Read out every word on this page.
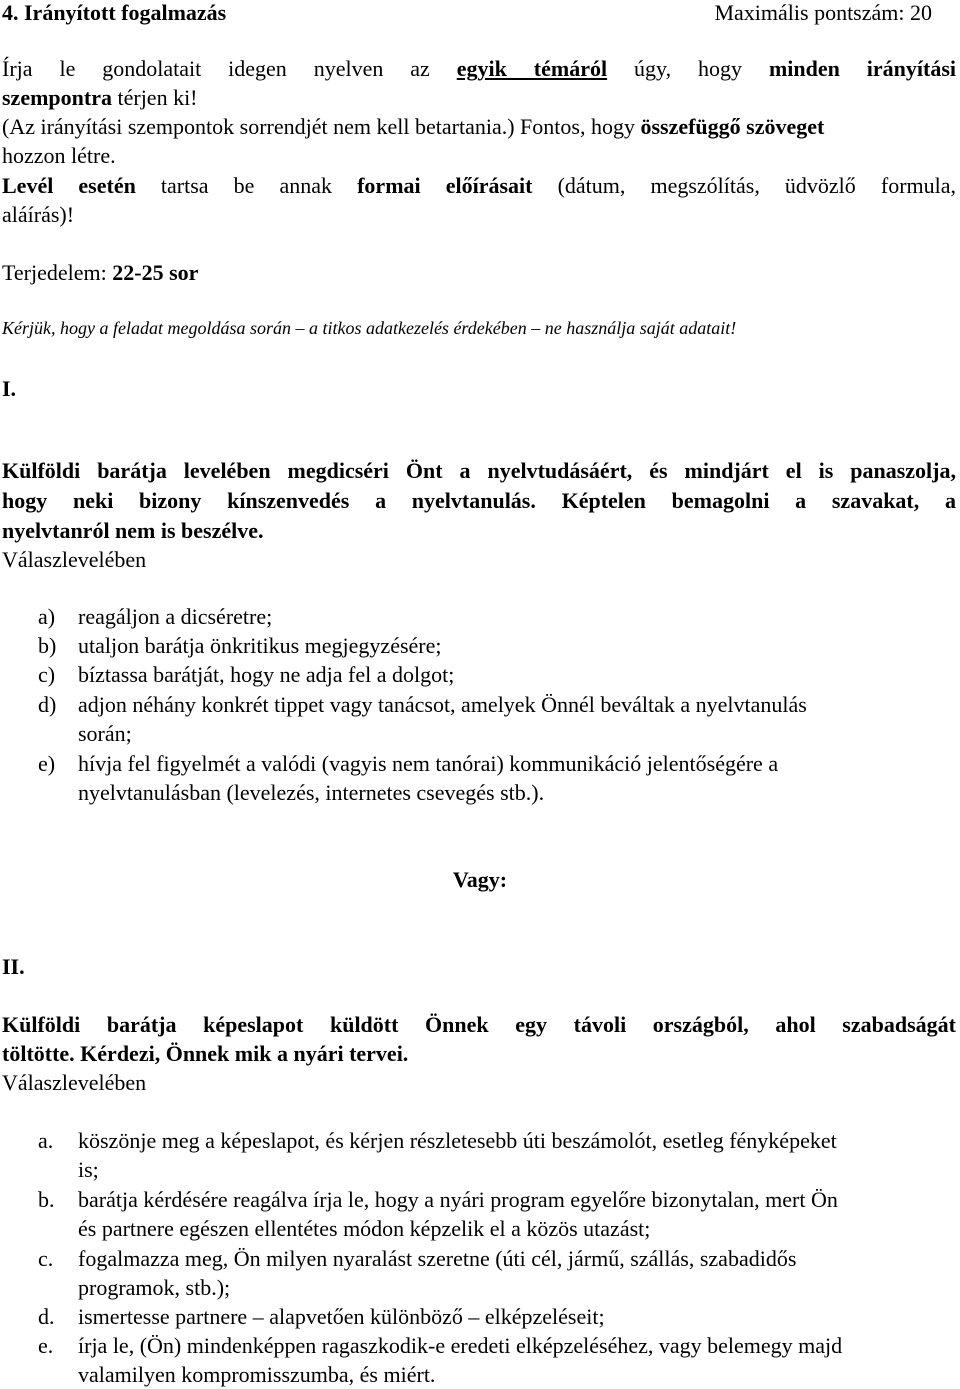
4. Irányított fogalmazás	Maximális pontszám: 20
Írja le gondolatait idegen nyelven az egyik témáról úgy, hogy minden irányítási
szempontra térjen ki!
(Az irányítási szempontok sorrendjét nem kell betartania.) Fontos, hogy összefüggő szöveget
hozzon létre.
Levél esetén tartsa be annak formai előírásait (dátum, megszólítás, üdvözlő formula,
aláírás)!
Terjedelem: 22-25 sor
Kérjük, hogy a feladat megoldása során – a titkos adatkezelés érdekében – ne használja saját adatait!
I.
Külföldi barátja levelében megdicséri Önt a nyelvtudásáért, és mindjárt el is panaszolja,
hogy neki bizony kínszenvedés a nyelvtanulás. Képtelen bemagolni a szavakat, a
nyelvtanról nem is beszélve.
Válaszlevelében
a)	reagáljon a dicséretre;
b) utaljon barátja önkritikus megjegyzésére;
c)	bíztassa barátját, hogy ne adja fel a dolgot;
d) adjon néhány konkrét tippet vagy tanácsot, amelyek Önnél beváltak a nyelvtanulás
során;
e)	hívja fel figyelmét a valódi (vagyis nem tanórai) kommunikáció jelentőségére a
nyelvtanulásban (levelezés, internetes csevegés stb.).
Vagy:
II.
Külföldi barátja képeslapot küldött Önnek egy távoli országból, ahol szabadságát
töltötte. Kérdezi, Önnek mik a nyári tervei.
Válaszlevelében
a.	köszönje meg a képeslapot, és kérjen részletesebb úti beszámolót, esetleg fényképeket
is;
b.	barátja kérdésére reagálva írja le, hogy a nyári program egyelőre bizonytalan, mert Ön
és partnere egészen ellentétes módon képzelik el a közös utazást;
c.	fogalmazza meg, Ön milyen nyaralást szeretne (úti cél, jármű, szállás, szabadidős
programok, stb.);
d.	ismertesse partnere – alapvetően különböző – elképzeléseit;
e.	írja le, (Ön) mindenképpen ragaszkodik-e eredeti elképzeléséhez, vagy belemegy majd
valamilyen kompromisszumba, és miért.
